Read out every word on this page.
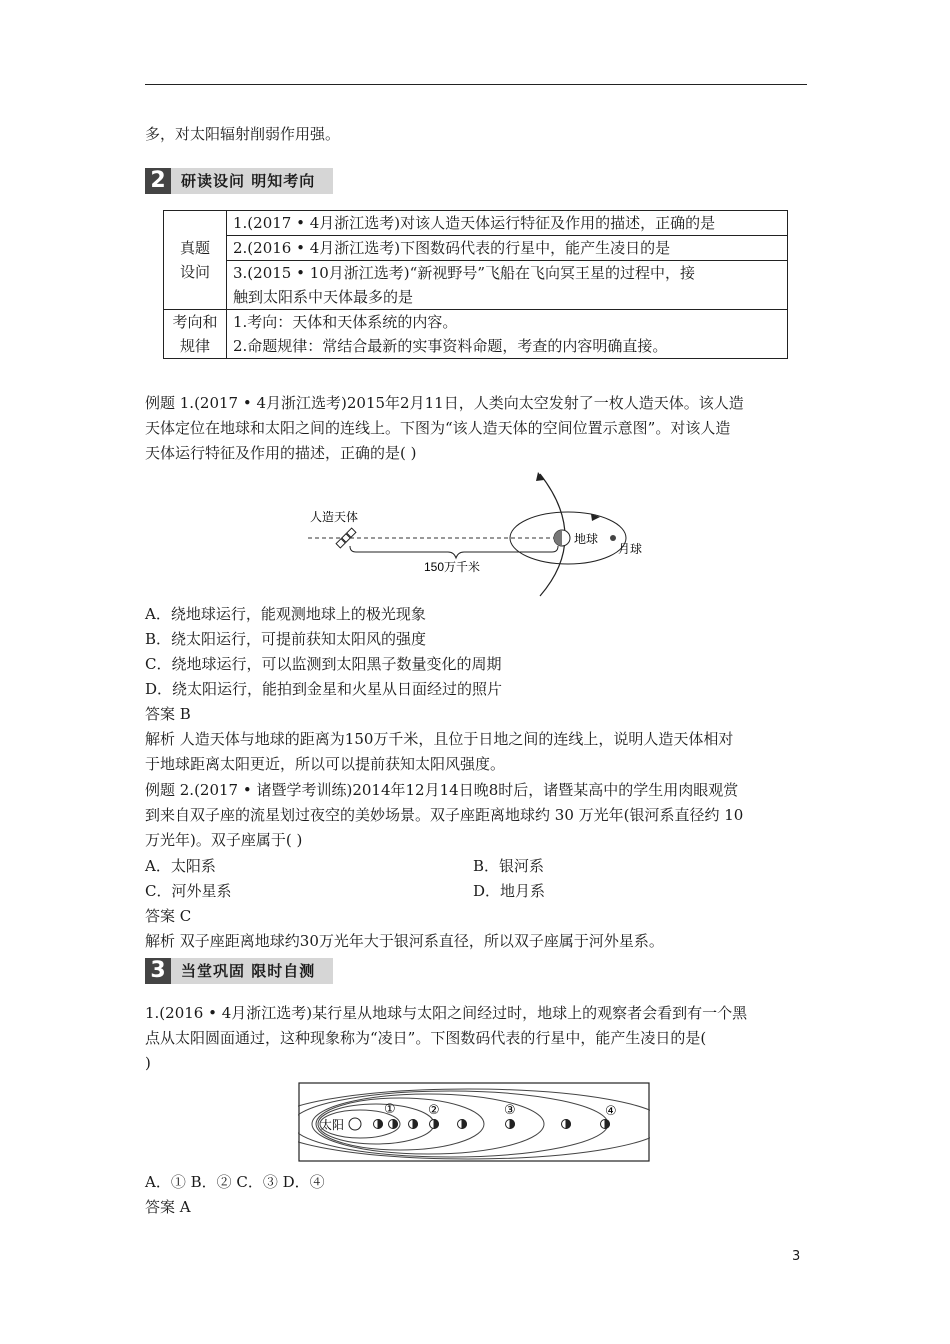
多，对太阳辐射削弱作用强。
2	研读设问 明知考向
真题
设问	1.(2017 • 4月浙江选考)对该人造天体运行特征及作用的描述，正确的是
	2.(2016 • 4月浙江选考)下图数码代表的行星中，能产生凌日的是
	3.(2015 • 10月浙江选考)“新视野号”飞船在飞向冥王星的过程中，接
	触到太阳系中天体最多的是

考向和
规律	1.考向：天体和天体系统的内容。
	2.命题规律：常结合最新的实事资料命题，考查的内容明确直接。
例题 1.(2017 • 4月浙江选考)2015年2月11日，人类向太空发射了一枚人造天体。该人造
天体定位在地球和太阳之间的连线上。下图为“该人造天体的空间位置示意图”。对该人造
天体运行特征及作用的描述，正确的是( )
人造天体
地球
月球
150万千米
A．绕地球运行，能观测地球上的极光现象
B．绕太阳运行，可提前获知太阳风的强度
C．绕地球运行，可以监测到太阳黑子数量变化的周期
D．绕太阳运行，能拍到金星和火星从日面经过的照片
答案 B
解析 人造天体与地球的距离为150万千米，且位于日地之间的连线上，说明人造天体相对
于地球距离太阳更近，所以可以提前获知太阳风强度。
例题 2.(2017 • 诸暨学考训练)2014年12月14日晚8时后，诸暨某高中的学生用肉眼观赏
到来自双子座的流星划过夜空的美妙场景。双子座距离地球约 30 万光年(银河系直径约 10
万光年)。双子座属于( )
A．太阳系	B．银河系
C．河外星系	D．地月系
答案 C
解析 双子座距离地球约30万光年大于银河系直径，所以双子座属于河外星系。
3	当堂巩固 限时自测
1.(2016 • 4月浙江选考)某行星从地球与太阳之间经过时，地球上的观察者会看到有一个黑
点从太阳圆面通过，这种现象称为“凌日”。下图数码代表的行星中，能产生凌日的是(
)
太阳
① ②	③	④
A．① B．② C．③ D．④
答案 A
3
